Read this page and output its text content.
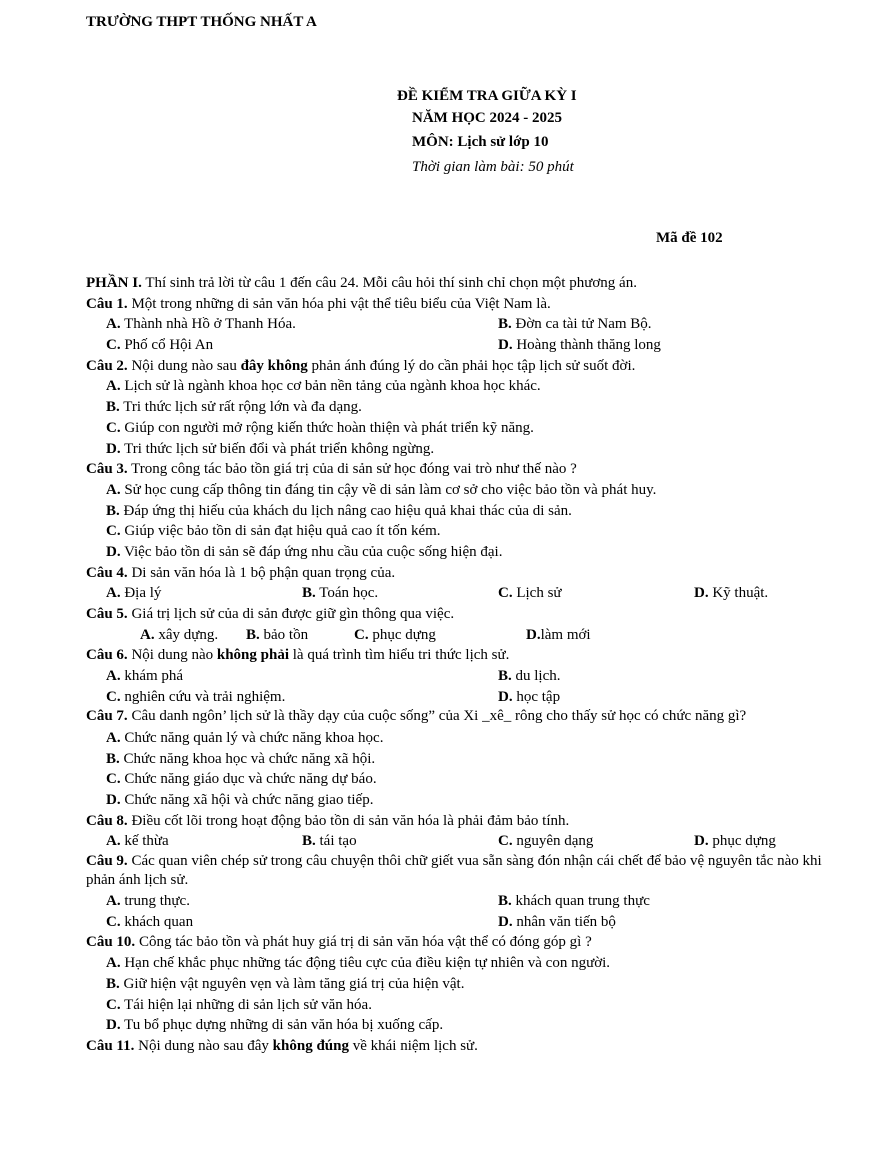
TRƯỜNG THPT THỐNG NHẤT A
ĐỀ KIỂM TRA GIỮA KỲ I
NĂM HỌC 2024 - 2025
MÔN: Lịch sử lớp 10
Thời gian làm bài: 50 phút
Mã đề 102
PHẦN I. Thí sinh trả lời từ câu 1 đến câu 24. Mỗi câu hỏi thí sinh chỉ chọn một phương án.
Câu 1. Một trong những di sản văn hóa phi vật thể tiêu biểu của Việt Nam là.
A. Thành nhà Hồ ở Thanh Hóa.	B. Đờn ca tài tử Nam Bộ.
C. Phố cổ Hội An	D. Hoàng thành thăng long
Câu 2. Nội dung nào sau đây không phản ánh đúng lý do cần phải học tập lịch sử suốt đời.
A. Lịch sử là ngành khoa học cơ bản nền tảng của ngành khoa học khác.
B. Tri thức lịch sử rất rộng lớn và đa dạng.
C. Giúp con người mở rộng kiến thức hoàn thiện và phát triển kỹ năng.
D. Tri thức lịch sử biến đổi và phát triển không ngừng.
Câu 3. Trong công tác bảo tồn giá trị của di sản sử học đóng vai trò như thế nào ?
A. Sử học cung cấp thông tin đáng tin cậy về di sản làm cơ sở cho việc bảo tồn và phát huy.
B. Đáp ứng thị hiếu của khách du lịch nâng cao hiệu quả khai thác của di sản.
C. Giúp việc bảo tồn di sản đạt hiệu quả cao ít tốn kém.
D. Việc bảo tồn di sản sẽ đáp ứng nhu cầu của cuộc sống hiện đại.
Câu 4. Di sản văn hóa là 1 bộ phận quan trọng của.
A. Địa lý	B. Toán học.	C. Lịch sử	D. Kỹ thuật.
Câu 5. Giá trị lịch sử của di sản được giữ gìn thông qua việc.
A. xây dựng. B. bảo tồn	C. phục dựng	D.làm mới
Câu 6. Nội dung nào không phải là quá trình tìm hiểu tri thức lịch sử.
A. khám phá	B. du lịch.
C. nghiên cứu và trải nghiệm.	D. học tập
Câu 7. Câu danh ngôn’ lịch sử là thầy dạy của cuộc sống” của Xi _xê_ rông cho thấy sử học có chức năng gì?
A. Chức năng quản lý và chức năng khoa học.
B. Chức năng khoa học và chức năng xã hội.
C. Chức năng giáo dục và chức năng dự báo.
D. Chức năng xã hội và chức năng giao tiếp.
Câu 8. Điều cốt lõi trong hoạt động bảo tồn di sản văn hóa là phải đảm bảo tính.
A. kế thừa	B. tái tạo	C. nguyên dạng	D. phục dựng
Câu 9. Các quan viên chép sử trong câu chuyện thôi chữ giết vua sẵn sàng đón nhận cái chết để bảo vệ nguyên tắc nào khi phản ánh lịch sử.
A. trung thực.	B. khách quan trung thực
C. khách quan	D. nhân văn tiến bộ
Câu 10. Công tác bảo tồn và phát huy giá trị di sản văn hóa vật thể có đóng góp gì ?
A. Hạn chế khắc phục những tác động tiêu cực của điều kiện tự nhiên và con người.
B. Giữ hiện vật nguyên vẹn và làm tăng giá trị của hiện vật.
C. Tái hiện lại những di sản lịch sử văn hóa.
D. Tu bổ phục dựng những di sản văn hóa bị xuống cấp.
Câu 11. Nội dung nào sau đây không đúng về khái niệm lịch sử.
